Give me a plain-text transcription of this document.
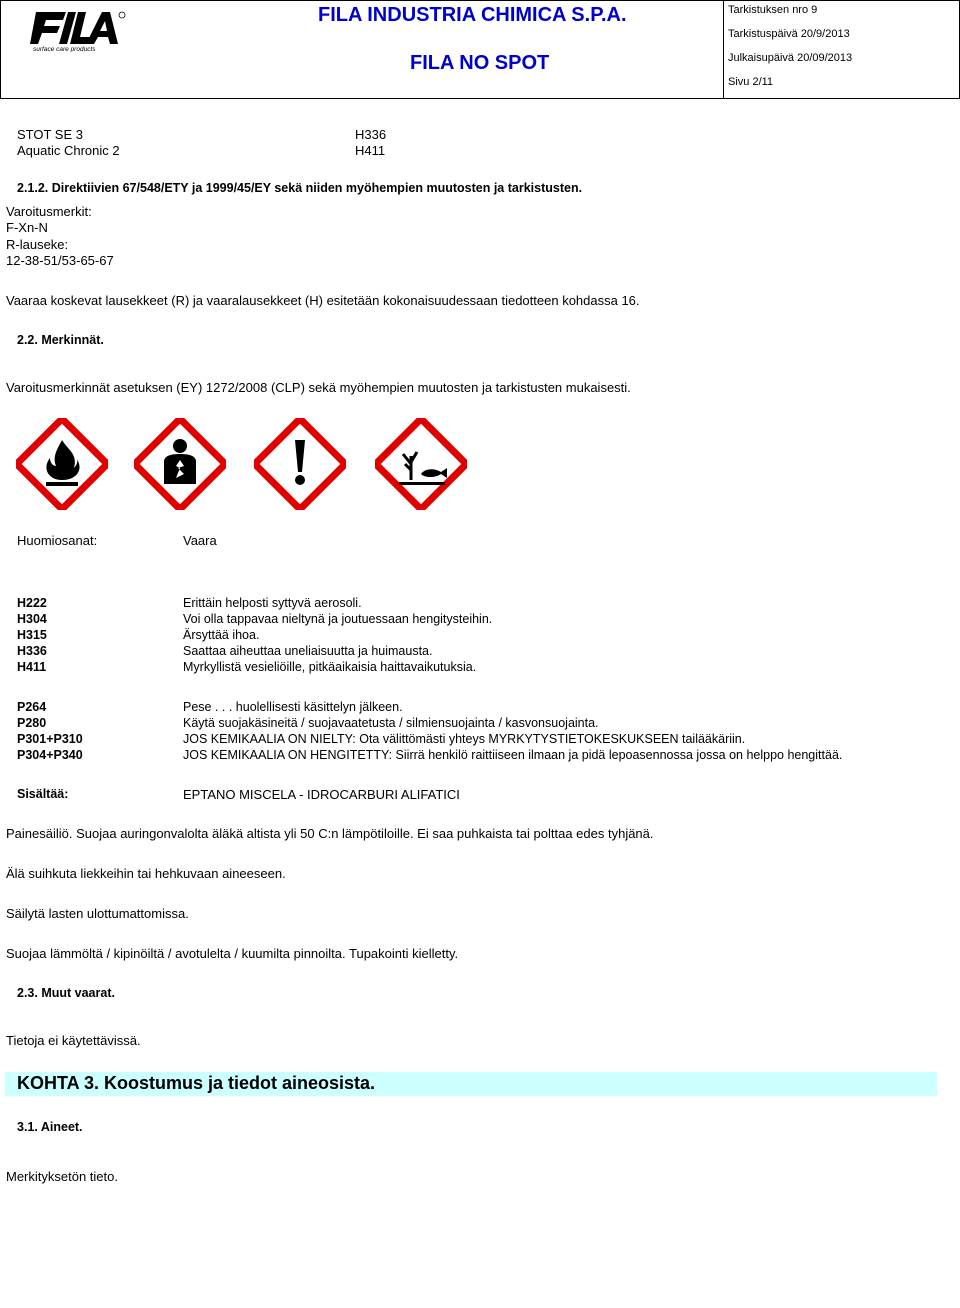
surface care products
FILA INDUSTRIA CHIMICA S.P.A.
FILA NO SPOT
Tarkistuksen nro 9
Tarkistuspäivä 20/9/2013
Julkaisupäivä 20/09/2013
Sivu 2/11
STOT SE 3	H336
Aquatic Chronic 2	H411
2.1.2. Direktiivien 67/548/ETY ja 1999/45/EY sekä niiden myöhempien muutosten ja tarkistusten.
Varoitusmerkit:
F-Xn-N
R-lauseke:
12-38-51/53-65-67
Vaaraa koskevat lausekkeet (R) ja vaaralausekkeet (H) esitetään kokonaisuudessaan tiedotteen kohdassa 16.
2.2. Merkinnät.
Varoitusmerkinnät asetuksen (EY) 1272/2008 (CLP) sekä myöhempien muutosten ja tarkistusten mukaisesti.
Huomiosanat:	Vaara
H222	Erittäin helposti syttyvä aerosoli.
H304	Voi olla tappavaa nieltynä ja joutuessaan hengitysteihin.
H315	Ärsyttää ihoa.
H336	Saattaa aiheuttaa uneliaisuutta ja huimausta.
H411	Myrkyllistä vesieliöille, pitkäaikaisia haittavaikutuksia.
P264	Pese . . . huolellisesti käsittelyn jälkeen.
P280	Käytä suojakäsineitä / suojavaatetusta / silmiensuojainta / kasvonsuojainta.
P301+P310	JOS KEMIKAALIA ON NIELTY: Ota välittömästi yhteys MYRKYTYSTIETOKESKUKSEEN tailääkäriin.
P304+P340	JOS KEMIKAALIA ON HENGITETTY: Siirrä henkilö raittiiseen ilmaan ja pidä lepoasennossa jossa on helppo hengittää.
Sisältää:	EPTANO MISCELA - IDROCARBURI ALIFATICI
Painesäiliö. Suojaa auringonvalolta äläkä altista yli 50 C:n lämpötiloille. Ei saa puhkaista tai polttaa edes tyhjänä.
Älä suihkuta liekkeihin tai hehkuvaan aineeseen.
Säilytä lasten ulottumattomissa.
Suojaa lämmöltä / kipinöiltä / avotulelta / kuumilta pinnoilta. Tupakointi kielletty.
2.3. Muut vaarat.
Tietoja ei käytettävissä.
KOHTA 3. Koostumus ja tiedot aineosista.
3.1. Aineet.
Merkityksetön tieto.
